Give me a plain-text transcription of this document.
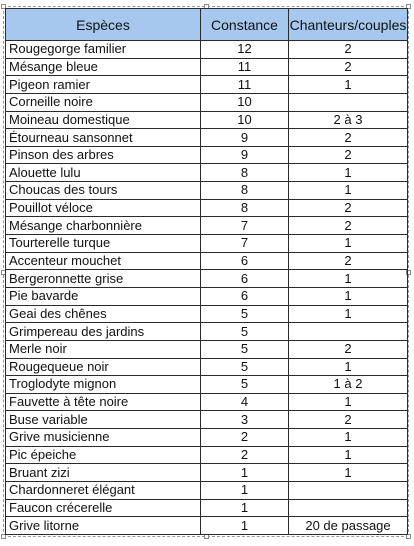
Espèces	Constance	Chanteurs/couples
Rougegorge familier	12	2
Mésange bleue	11	2
Pigeon ramier	11	1
Corneille noire	10	
Moineau domestique	10	2 à 3
Étourneau sansonnet	9	2
Pinson des arbres	9	2
Alouette lulu	8	1
Choucas des tours	8	1
Pouillot véloce	8	2
Mésange charbonnière	7	2
Tourterelle turque	7	1
Accenteur mouchet	6	2
Bergeronnette grise	6	1
Pie bavarde	6	1
Geai des chênes	5	1
Grimpereau des jardins	5	
Merle noir	5	2
Rougequeue noir	5	1
Troglodyte mignon	5	1 à 2
Fauvette à tête noire	4	1
Buse variable	3	2
Grive musicienne	2	1
Pic épeiche	2	1
Bruant zizi	1	1
Chardonneret élégant	1	
Faucon crécerelle	1	
Grive litorne	1	20 de passage
